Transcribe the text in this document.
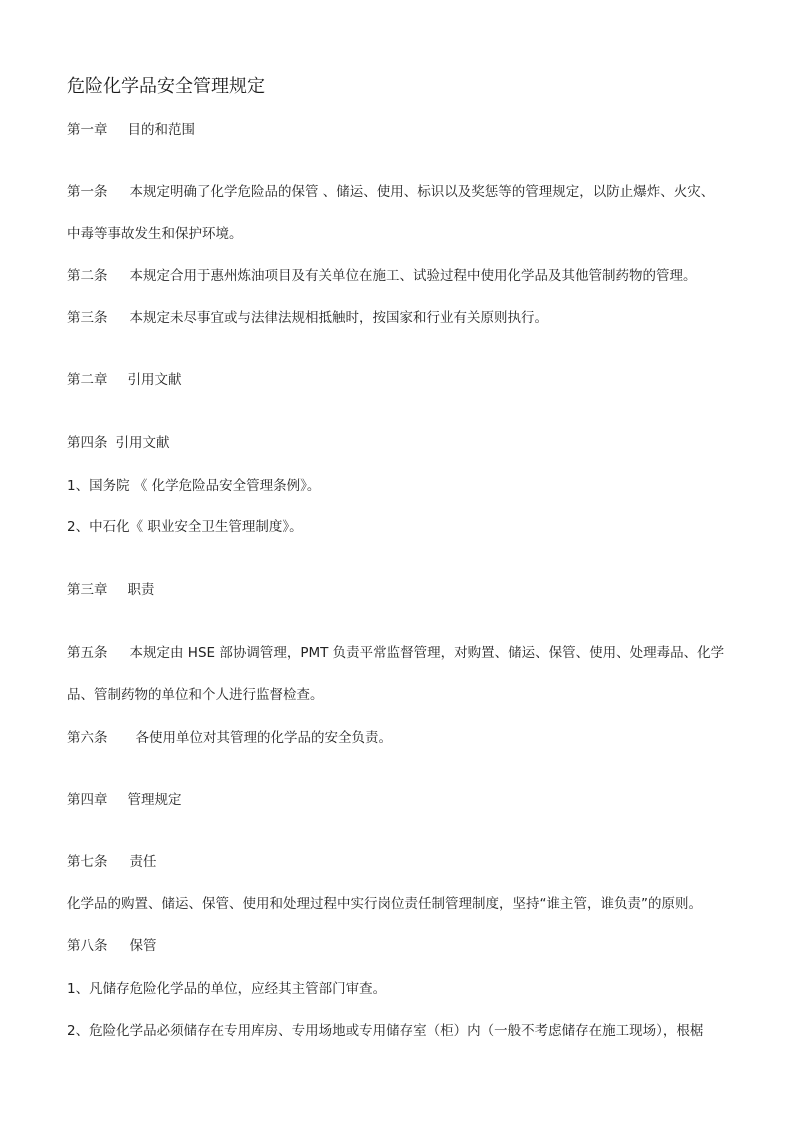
危险化学品安全管理规定

第一章 目的和范围

第一条 本规定明确了化学危险品的保管 、储运、使用、标识以及奖惩等的管理规定，以防止爆炸、火灾、

中毒等事故发生和保护环境。

第二条 本规定合用于惠州炼油项目及有关单位在施工、试验过程中使用化学品及其他管制药物的管理。

第三条 本规定未尽事宜或与法律法规相抵触时，按国家和行业有关原则执行。

第二章 引用文献

第四条 引用文献

1、国务院 《 化学危险品安全管理条例》。

2、中石化《 职业安全卫生管理制度》。

第三章 职责

第五条 本规定由 HSE 部协调管理，PMT 负责平常监督管理，对购置、储运、保管、使用、处理毒品、化学

品、管制药物的单位和个人进行监督检查。

第六条 各使用单位对其管理的化学品的安全负责。

第四章 管理规定

第七条 责任

化学品的购置、储运、保管、使用和处理过程中实行岗位责任制管理制度，坚持“谁主管，谁负责”的原则。

第八条 保管

1、凡储存危险化学品的单位，应经其主管部门审查。

2、危险化学品必须储存在专用库房、专用场地或专用储存室（柜）内（一般不考虑储存在施工现场），根椐
